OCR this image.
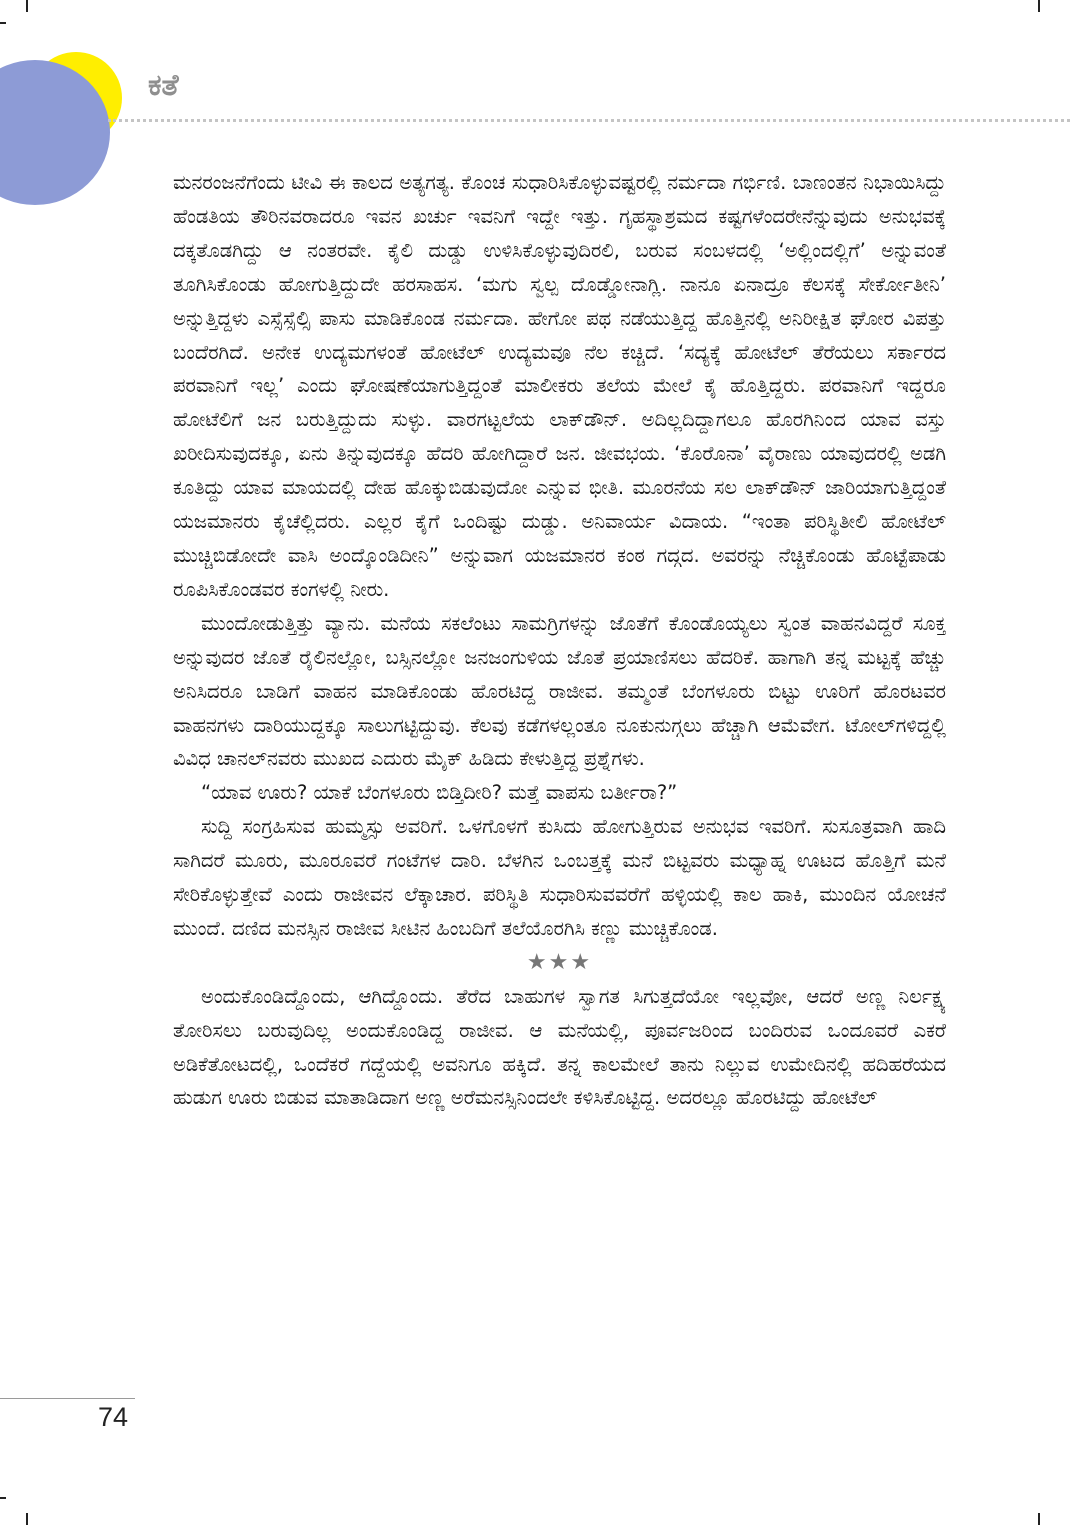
ಕತೆ

ಮನರಂಜನೆಗೆಂದು ಟೀವಿ ಈ ಕಾಲದ ಅತ್ಯಗತ್ಯ. ಕೊಂಚ ಸುಧಾರಿಸಿಕೊಳ್ಳುವಷ್ಟರಲ್ಲಿ ನರ್ಮದಾ ಗರ್ಭಿಣಿ. ಬಾಣಂತನ ನಿಭಾಯಿಸಿದ್ದು ಹೆಂಡತಿಯ ತೌರಿನವರಾದರೂ ಇವನ ಖರ್ಚು ಇವನಿಗೆ ಇದ್ದೇ ಇತ್ತು. ಗೃಹಸ್ಥಾಶ್ರಮದ ಕಷ್ಟಗಳೆಂದರೇನೆನ್ನುವುದು ಅನುಭವಕ್ಕೆ ದಕ್ಕತೊಡಗಿದ್ದು ಆ ನಂತರವೇ. ಕೈಲಿ ದುಡ್ಡು ಉಳಿಸಿಕೊಳ್ಳುವುದಿರಲಿ, ಬರುವ ಸಂಬಳದಲ್ಲಿ ‘ಅಲ್ಲಿಂದಲ್ಲಿಗೆ’ ಅನ್ನುವಂತೆ ತೂಗಿಸಿಕೊಂಡು ಹೋಗುತ್ತಿದ್ದುದೇ ಹರಸಾಹಸ. ‘ಮಗು ಸ್ವಲ್ಪ ದೊಡ್ಡೋನಾಗ್ಲಿ. ನಾನೂ ಏನಾದ್ರೂ ಕೆಲಸಕ್ಕೆ ಸೇರ್ಕೋತೀನಿ’ ಅನ್ನುತ್ತಿದ್ದಳು ಎಸ್ಸೆಸ್ಸೆಲ್ಸಿ ಪಾಸು ಮಾಡಿಕೊಂಡ ನರ್ಮದಾ. ಹೇಗೋ ಪಥ ನಡೆಯುತ್ತಿದ್ದ ಹೊತ್ತಿನಲ್ಲಿ ಅನಿರೀಕ್ಷಿತ ಘೋರ ವಿಪತ್ತು ಬಂದೆರಗಿದೆ. ಅನೇಕ ಉದ್ಯಮಗಳಂತೆ ಹೋಟೆಲ್ ಉದ್ಯಮವೂ ನೆಲ ಕಚ್ಚಿದೆ. ‘ಸದ್ಯಕ್ಕೆ ಹೋಟೆಲ್ ತೆರೆಯಲು ಸರ್ಕಾರದ ಪರವಾನಿಗೆ ಇಲ್ಲ’ ಎಂದು ಘೋಷಣೆಯಾಗುತ್ತಿದ್ದಂತೆ ಮಾಲೀಕರು ತಲೆಯ ಮೇಲೆ ಕೈ ಹೊತ್ತಿದ್ದರು. ಪರವಾನಿಗೆ ಇದ್ದರೂ ಹೋಟೆಲಿಗೆ ಜನ ಬರುತ್ತಿದ್ದುದು ಸುಳ್ಳು. ವಾರಗಟ್ಟಲೆಯ ಲಾಕ್‌ಡೌನ್. ಅದಿಲ್ಲದಿದ್ದಾಗಲೂ ಹೊರಗಿನಿಂದ ಯಾವ ವಸ್ತು ಖರೀದಿಸುವುದಕ್ಕೂ, ಏನು ತಿನ್ನುವುದಕ್ಕೂ ಹೆದರಿ ಹೋಗಿದ್ದಾರೆ ಜನ. ಜೀವಭಯ. ‘ಕೊರೊನಾ’ ವೈರಾಣು ಯಾವುದರಲ್ಲಿ ಅಡಗಿ ಕೂತಿದ್ದು ಯಾವ ಮಾಯದಲ್ಲಿ ದೇಹ ಹೊಕ್ಕುಬಿಡುವುದೋ ಎನ್ನುವ ಭೀತಿ. ಮೂರನೆಯ ಸಲ ಲಾಕ್‌ಡೌನ್ ಜಾರಿಯಾಗುತ್ತಿದ್ದಂತೆ ಯಜಮಾನರು ಕೈಚೆಲ್ಲಿದರು. ಎಲ್ಲರ ಕೈಗೆ ಒಂದಿಷ್ಟು ದುಡ್ಡು. ಅನಿವಾರ್ಯ ವಿದಾಯ. “ಇಂತಾ ಪರಿಸ್ಥಿತೀಲಿ ಹೋಟೆಲ್ ಮುಚ್ಚಿಬಿಡೋದೇ ವಾಸಿ ಅಂದ್ಕೊಂಡಿದೀನಿ” ಅನ್ನುವಾಗ ಯಜಮಾನರ ಕಂಠ ಗದ್ಗದ. ಅವರನ್ನು ನೆಚ್ಚಿಕೊಂಡು ಹೊಟ್ಟೆಪಾಡು ರೂಪಿಸಿಕೊಂಡವರ ಕಂಗಳಲ್ಲಿ ನೀರು.

ಮುಂದೋಡುತ್ತಿತ್ತು ವ್ಯಾನು. ಮನೆಯ ಸಕಲೆಂಟು ಸಾಮಗ್ರಿಗಳನ್ನು ಜೊತೆಗೆ ಕೊಂಡೊಯ್ಯಲು ಸ್ವಂತ ವಾಹನವಿದ್ದರೆ ಸೂಕ್ತ ಅನ್ನುವುದರ ಜೊತೆ ರೈಲಿನಲ್ಲೋ, ಬಸ್ಸಿನಲ್ಲೋ ಜನಜಂಗುಳಿಯ ಜೊತೆ ಪ್ರಯಾಣಿಸಲು ಹೆದರಿಕೆ. ಹಾಗಾಗಿ ತನ್ನ ಮಟ್ಟಕ್ಕೆ ಹೆಚ್ಚು ಅನಿಸಿದರೂ ಬಾಡಿಗೆ ವಾಹನ ಮಾಡಿಕೊಂಡು ಹೊರಟಿದ್ದ ರಾಜೀವ. ತಮ್ಮಂತೆ ಬೆಂಗಳೂರು ಬಿಟ್ಟು ಊರಿಗೆ ಹೊರಟವರ ವಾಹನಗಳು ದಾರಿಯುದ್ದಕ್ಕೂ ಸಾಲುಗಟ್ಟಿದ್ದುವು. ಕೆಲವು ಕಡೆಗಳಲ್ಲಂತೂ ನೂಕುನುಗ್ಗಲು ಹೆಚ್ಚಾಗಿ ಆಮೆವೇಗ. ಟೋಲ್‌ಗಳಿದ್ದಲ್ಲಿ ವಿವಿಧ ಚಾನಲ್‌ನವರು ಮುಖದ ಎದುರು ಮೈಕ್ ಹಿಡಿದು ಕೇಳುತ್ತಿದ್ದ ಪ್ರಶ್ನೆಗಳು.

“ಯಾವ ಊರು? ಯಾಕೆ ಬೆಂಗಳೂರು ಬಿಡ್ತಿದೀರಿ? ಮತ್ತೆ ವಾಪಸು ಬರ್ತೀರಾ?”

ಸುದ್ದಿ ಸಂಗ್ರಹಿಸುವ ಹುಮ್ಮಸ್ಸು ಅವರಿಗೆ. ಒಳಗೊಳಗೆ ಕುಸಿದು ಹೋಗುತ್ತಿರುವ ಅನುಭವ ಇವರಿಗೆ. ಸುಸೂತ್ರವಾಗಿ ಹಾದಿ ಸಾಗಿದರೆ ಮೂರು, ಮೂರೂವರೆ ಗಂಟೆಗಳ ದಾರಿ. ಬೆಳಗಿನ ಒಂಬತ್ತಕ್ಕೆ ಮನೆ ಬಿಟ್ಟವರು ಮಧ್ಯಾಹ್ನ ಊಟದ ಹೊತ್ತಿಗೆ ಮನೆ ಸೇರಿಕೊಳ್ಳುತ್ತೇವೆ ಎಂದು ರಾಜೀವನ ಲೆಕ್ಕಾಚಾರ. ಪರಿಸ್ಥಿತಿ ಸುಧಾರಿಸುವವರೆಗೆ ಹಳ್ಳಿಯಲ್ಲಿ ಕಾಲ ಹಾಕಿ, ಮುಂದಿನ ಯೋಚನೆ ಮುಂದೆ. ದಣಿದ ಮನಸ್ಸಿನ ರಾಜೀವ ಸೀಟಿನ ಹಿಂಬದಿಗೆ ತಲೆಯೊರಗಿಸಿ ಕಣ್ಣು ಮುಚ್ಚಿಕೊಂಡ.

★★★

ಅಂದುಕೊಂಡಿದ್ದೊಂದು, ಆಗಿದ್ದೊಂದು. ತೆರೆದ ಬಾಹುಗಳ ಸ್ವಾಗತ ಸಿಗುತ್ತದೆಯೋ ಇಲ್ಲವೋ, ಆದರೆ ಅಣ್ಣ ನಿರ್ಲಕ್ಷ್ಯ ತೋರಿಸಲು ಬರುವುದಿಲ್ಲ ಅಂದುಕೊಂಡಿದ್ದ ರಾಜೀವ. ಆ ಮನೆಯಲ್ಲಿ, ಪೂರ್ವಜರಿಂದ ಬಂದಿರುವ ಒಂದೂವರೆ ಎಕರೆ ಅಡಿಕೆತೋಟದಲ್ಲಿ, ಒಂದೆಕರೆ ಗದ್ದೆಯಲ್ಲಿ ಅವನಿಗೂ ಹಕ್ಕಿದೆ. ತನ್ನ ಕಾಲಮೇಲೆ ತಾನು ನಿಲ್ಲುವ ಉಮೇದಿನಲ್ಲಿ ಹದಿಹರೆಯದ ಹುಡುಗ ಊರು ಬಿಡುವ ಮಾತಾಡಿದಾಗ ಅಣ್ಣ ಅರೆಮನಸ್ಸಿನಿಂದಲೇ ಕಳಿಸಿಕೊಟ್ಟಿದ್ದ. ಅದರಲ್ಲೂ ಹೊರಟಿದ್ದು ಹೋಟೆಲ್

74
